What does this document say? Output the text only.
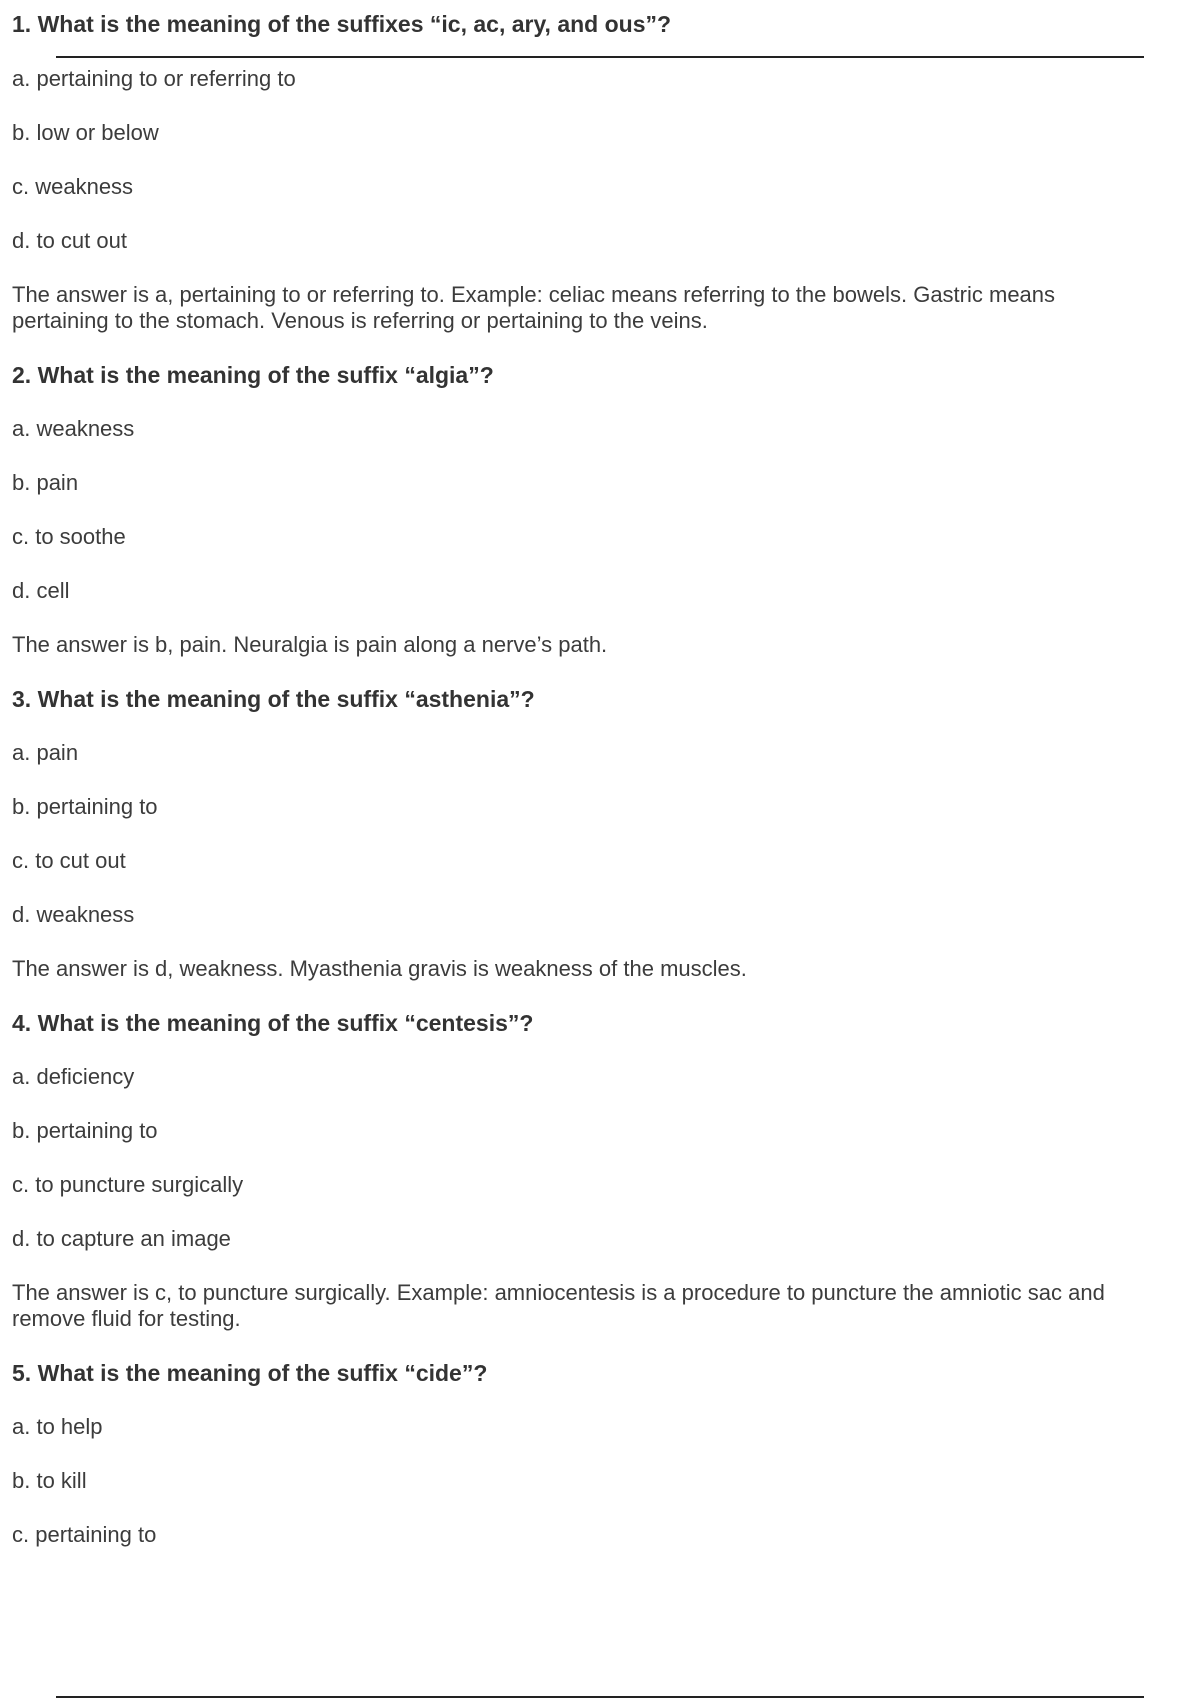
1. What is the meaning of the suffixes “ic, ac, ary, and ous”?
a. pertaining to or referring to
b. low or below
c. weakness
d. to cut out
The answer is a, pertaining to or referring to. Example: celiac means referring to the bowels. Gastric means
pertaining to the stomach. Venous is referring or pertaining to the veins.
2. What is the meaning of the suffix “algia”?
a. weakness
b. pain
c. to soothe
d. cell
The answer is b, pain. Neuralgia is pain along a nerve’s path.
3. What is the meaning of the suffix “asthenia”?
a. pain
b. pertaining to
c. to cut out
d. weakness
The answer is d, weakness. Myasthenia gravis is weakness of the muscles.
4. What is the meaning of the suffix “centesis”?
a. deficiency
b. pertaining to
c. to puncture surgically
d. to capture an image
The answer is c, to puncture surgically. Example: amniocentesis is a procedure to puncture the amniotic sac and
remove fluid for testing.
5. What is the meaning of the suffix “cide”?
a. to help
b. to kill
c. pertaining to
